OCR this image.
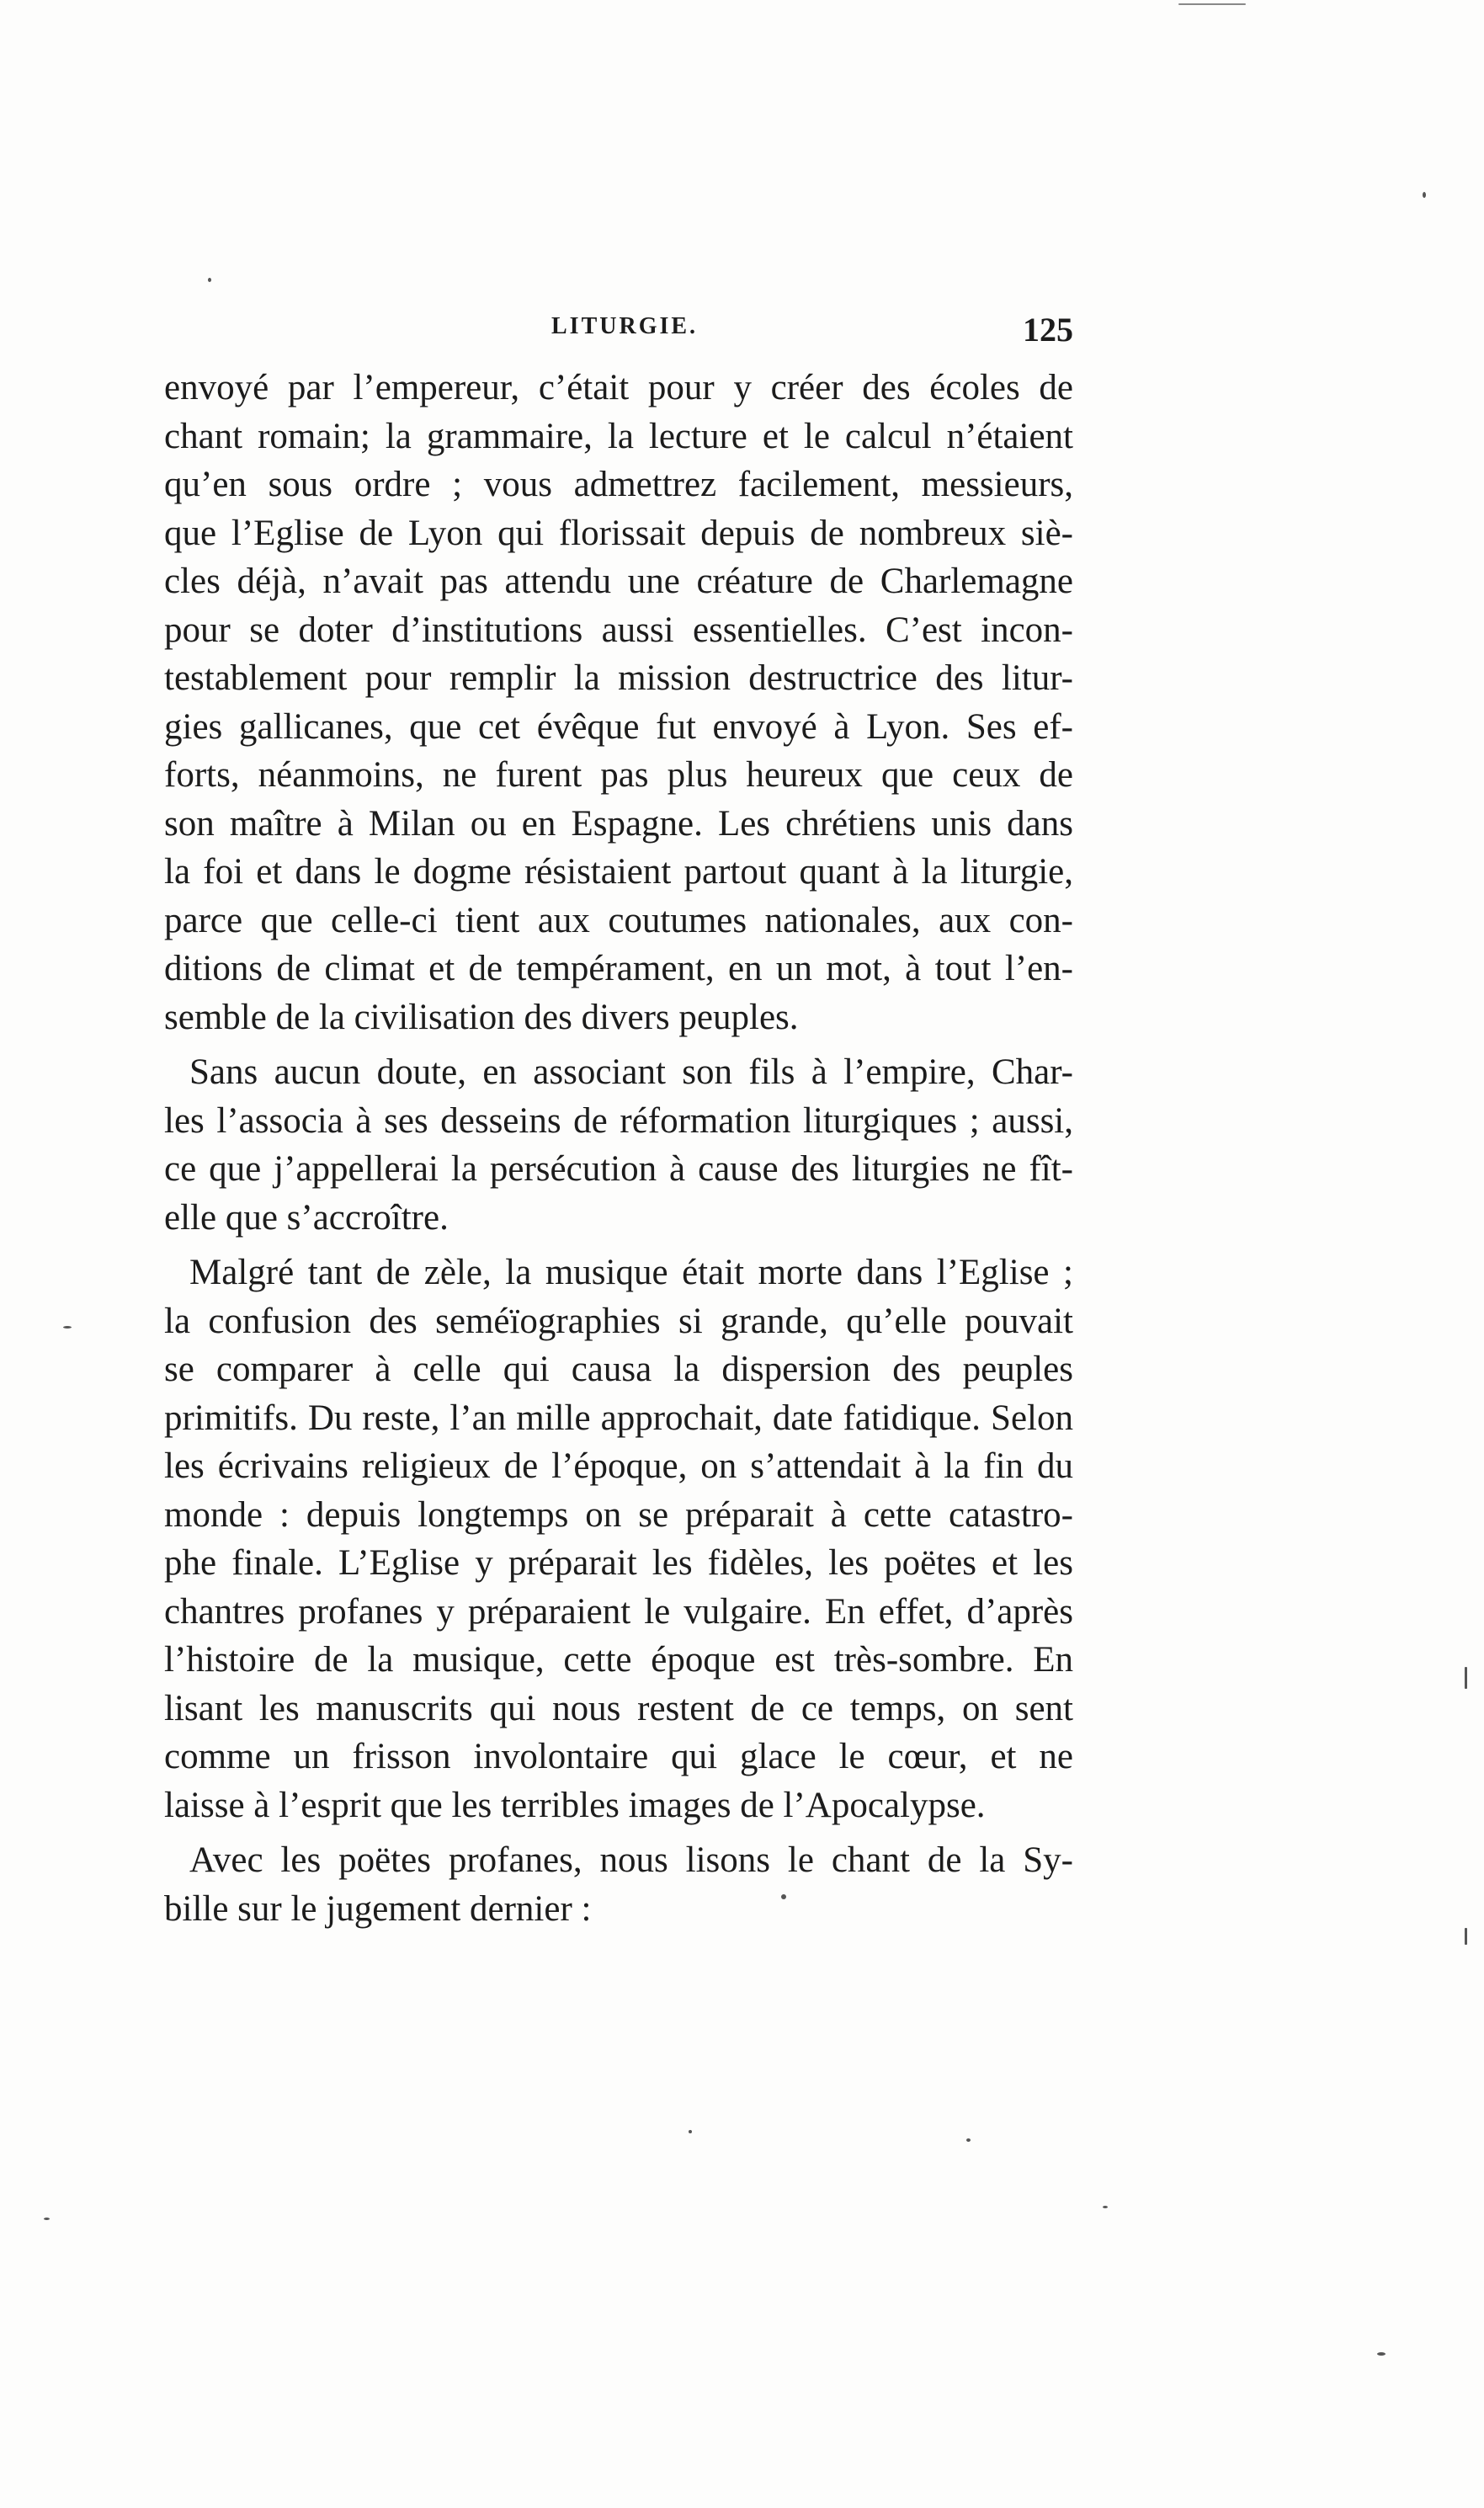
LITURGIE.	125
envoyé par l’empereur, c’était pour y créer des écoles de
chant romain; la grammaire, la lecture et le calcul n’étaient
qu’en sous ordre ; vous admettrez facilement, messieurs,
que l’Eglise de Lyon qui florissait depuis de nombreux siè-
cles déjà, n’avait pas attendu une créature de Charlemagne
pour se doter d’institutions aussi essentielles. C’est incon-
testablement pour remplir la mission destructrice des litur-
gies gallicanes, que cet évêque fut envoyé à Lyon. Ses ef-
forts, néanmoins, ne furent pas plus heureux que ceux de
son maître à Milan ou en Espagne. Les chrétiens unis dans
la foi et dans le dogme résistaient partout quant à la liturgie,
parce que celle-ci tient aux coutumes nationales, aux con-
ditions de climat et de tempérament, en un mot, à tout l’en-
semble de la civilisation des divers peuples.
Sans aucun doute, en associant son fils à l’empire, Char-
les l’associa à ses desseins de réformation liturgiques ; aussi,
ce que j’appellerai la persécution à cause des liturgies ne fît-
elle que s’accroître.
Malgré tant de zèle, la musique était morte dans l’Eglise ;
la confusion des seméïographies si grande, qu’elle pouvait
se comparer à celle qui causa la dispersion des peuples
primitifs. Du reste, l’an mille approchait, date fatidique. Selon
les écrivains religieux de l’époque, on s’attendait à la fin du
monde : depuis longtemps on se préparait à cette catastro-
phe finale. L’Eglise y préparait les fidèles, les poëtes et les
chantres profanes y préparaient le vulgaire. En effet, d’après
l’histoire de la musique, cette époque est très-sombre. En
lisant les manuscrits qui nous restent de ce temps, on sent
comme un frisson involontaire qui glace le cœur, et ne
laisse à l’esprit que les terribles images de l’Apocalypse.
Avec les poëtes profanes, nous lisons le chant de la Sy-
bille sur le jugement dernier :
